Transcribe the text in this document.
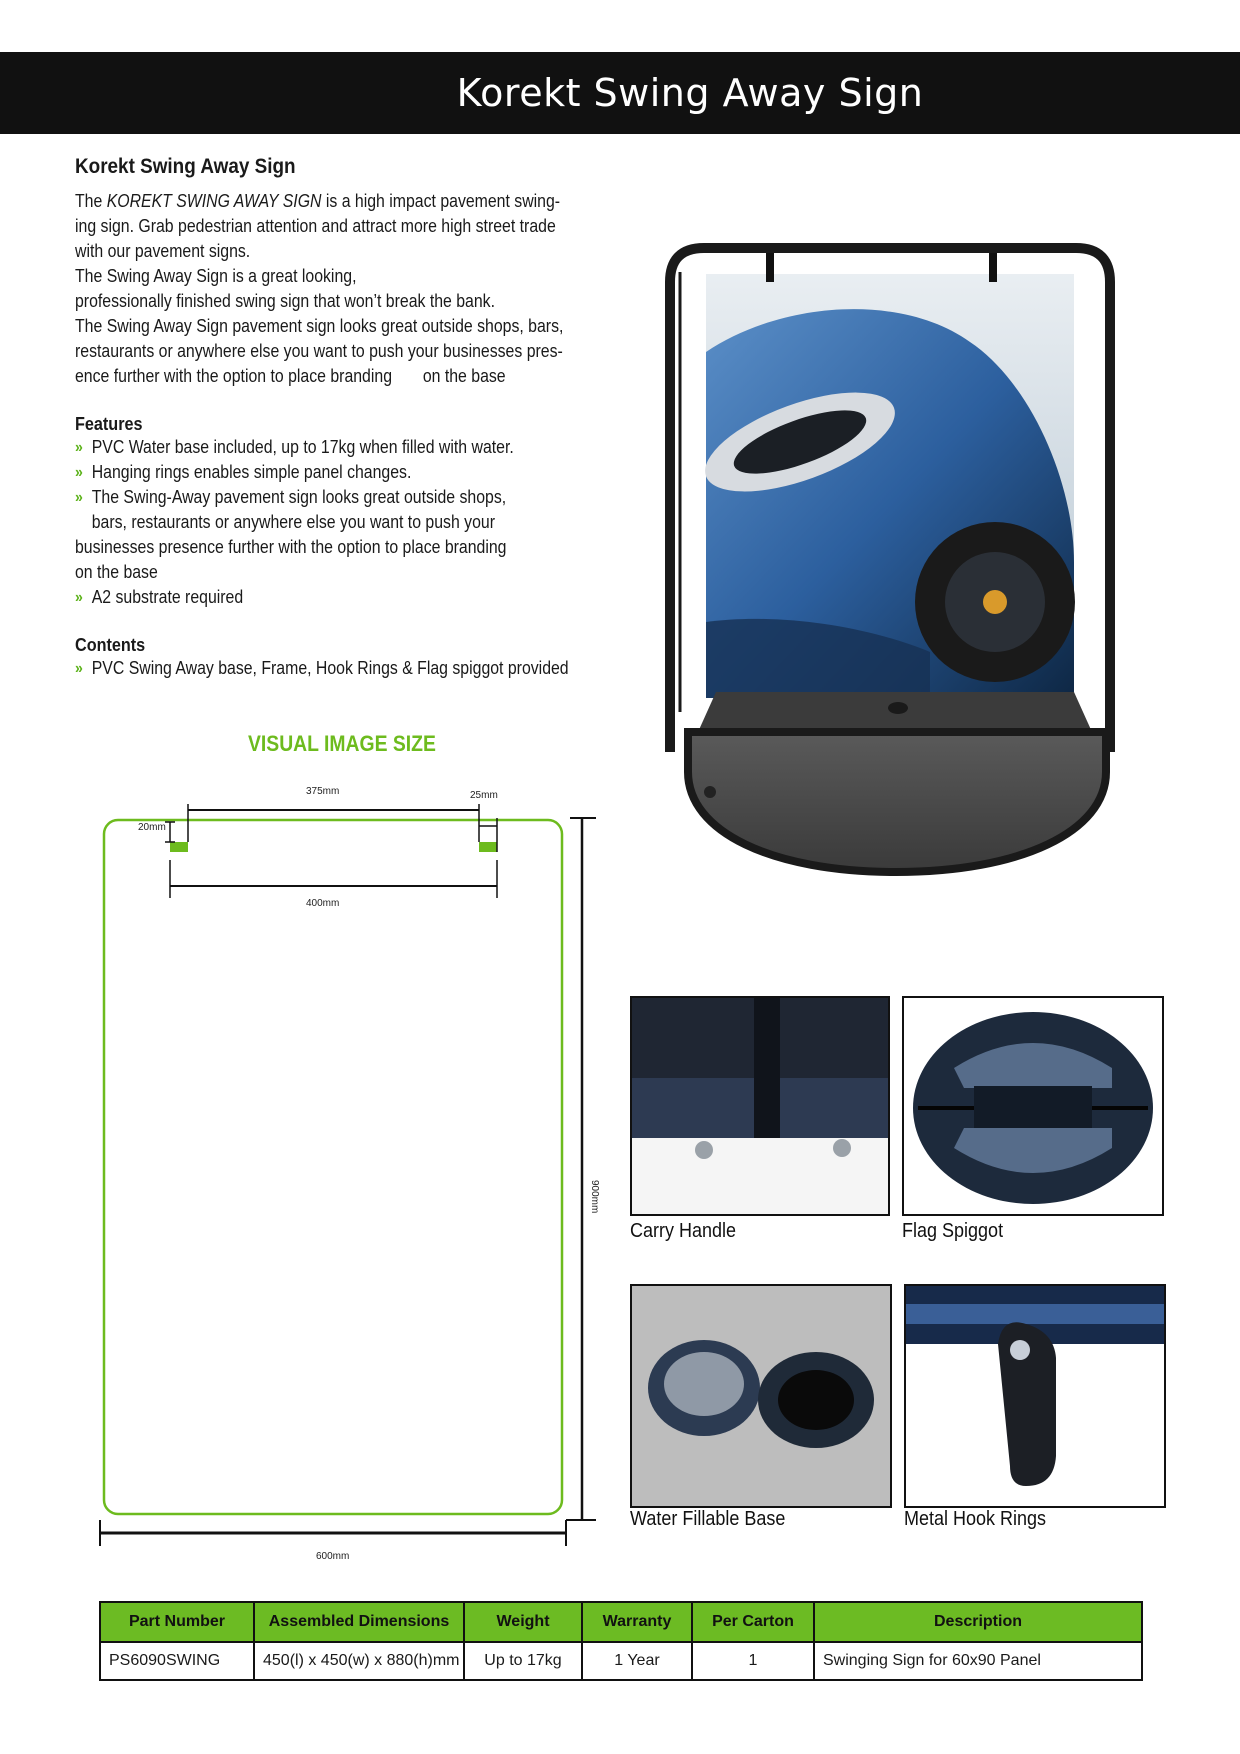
Korekt Swing Away Sign
Korekt Swing Away Sign

The KOREKT SWING AWAY SIGN is a high impact pavement swing-

ing sign. Grab pedestrian attention and attract more high street trade

with our pavement signs.

The Swing Away Sign is a great looking,

professionally finished swing sign that won’t break the bank.

The Swing Away Sign pavement sign looks great outside shops, bars,

restaurants or anywhere else you want to push your businesses pres-

ence further with the option to place branding       on the base

Features
» PVC Water base included, up to 17kg when filled with water.
» Hanging rings enables simple panel changes.
» The Swing-Away pavement sign looks great outside shops,
bars, restaurants or anywhere else you want to push your
businesses presence further with the option to place branding
on the base
» A2 substrate required
Contents
» PVC Swing Away base, Frame, Hook Rings & Flag spiggot provided
VISUAL IMAGE SIZE
375mm	25mm
20mm
400mm
900mm
600mm
Carry Handle	Flag Spiggot
Water Fillable Base	Metal Hook Rings
Part Number	Assembled Dimensions	Weight	Warranty	Per Carton	Description
PS6090SWING	450(l) x 450(w) x 880(h)mm	Up to 17kg	1 Year	1	Swinging Sign for 60x90 Panel
